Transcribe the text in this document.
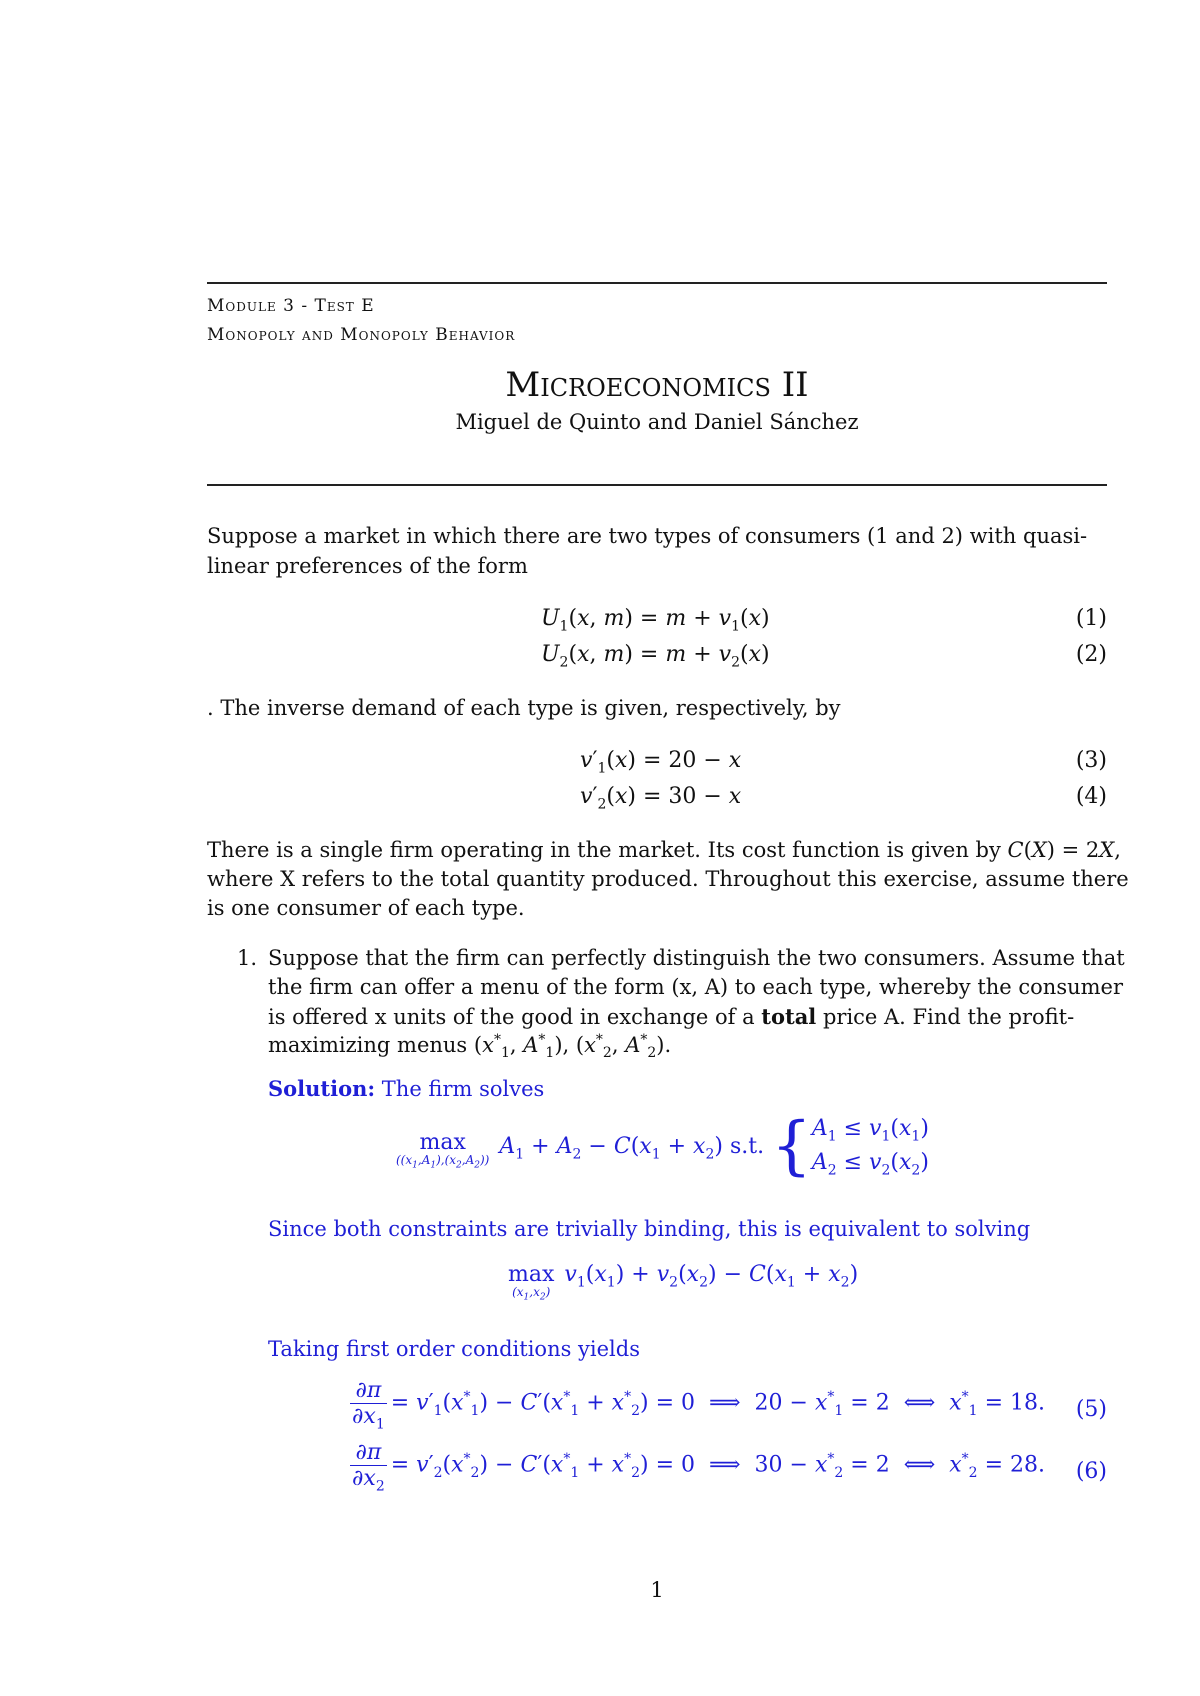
Module 3 - Test E
Monopoly and Monopoly Behavior
Microeconomics II
Miguel de Quinto and Daniel Sánchez
Suppose a market in which there are two types of consumers (1 and 2) with quasi-
linear preferences of the form
$U_1(x$, $m) = m + v_1(x)$	(1)
$U_2(x$, $m) = m + v_2(x)$	(2)
. The inverse demand of each type is given, respectively, by
$v'_1(x) = 20 - x$	(3)
$v'_2(x) = 30 - x$	(4)
There is a single firm operating in the market. Its cost function is given by C(X) = 2X,
where X refers to the total quantity produced. Throughout this exercise, assume there
is one consumer of each type.
1. Suppose that the firm can perfectly distinguish the two consumers. Assume that
the firm can offer a menu of the form (x, A) to each type, whereby the consumer
is offered x units of the good in exchange of a total price A. Find the profit-
maximizing menus ($x^*_1$, $A^*_1$), ($x^*_2$, $A^*_2$).
Solution: The firm solves
max
$((x_1,A_1),(x_2,A_2))$
$A_1 + A_2 - C(x_1 + x_2)$ s.t. {$A_1 \le v_1(x_1)$
$A_2 \le v_2(x_2)$
Since both constraints are trivially binding, this is equivalent to solving
max
$(x_1,x_2)$
$v_1(x_1) + v_2(x_2) - C(x_1 + x_2)$
Taking first order conditions yields
$\frac{\partial\pi}{\partial x_1} = v'_1(x^*_1) - C'(x^*_1 + x^*_2) = 0$  ⟹  $20 - x^*_1 = 2$  ⟺  $x^*_1 = 18$. (5)
$\frac{\partial\pi}{\partial x_2} = v'_2(x^*_2) - C'(x^*_1 + x^*_2) = 0$  ⟹  $30 - x^*_2 = 2$  ⟺  $x^*_2 = 28$. (6)
1
